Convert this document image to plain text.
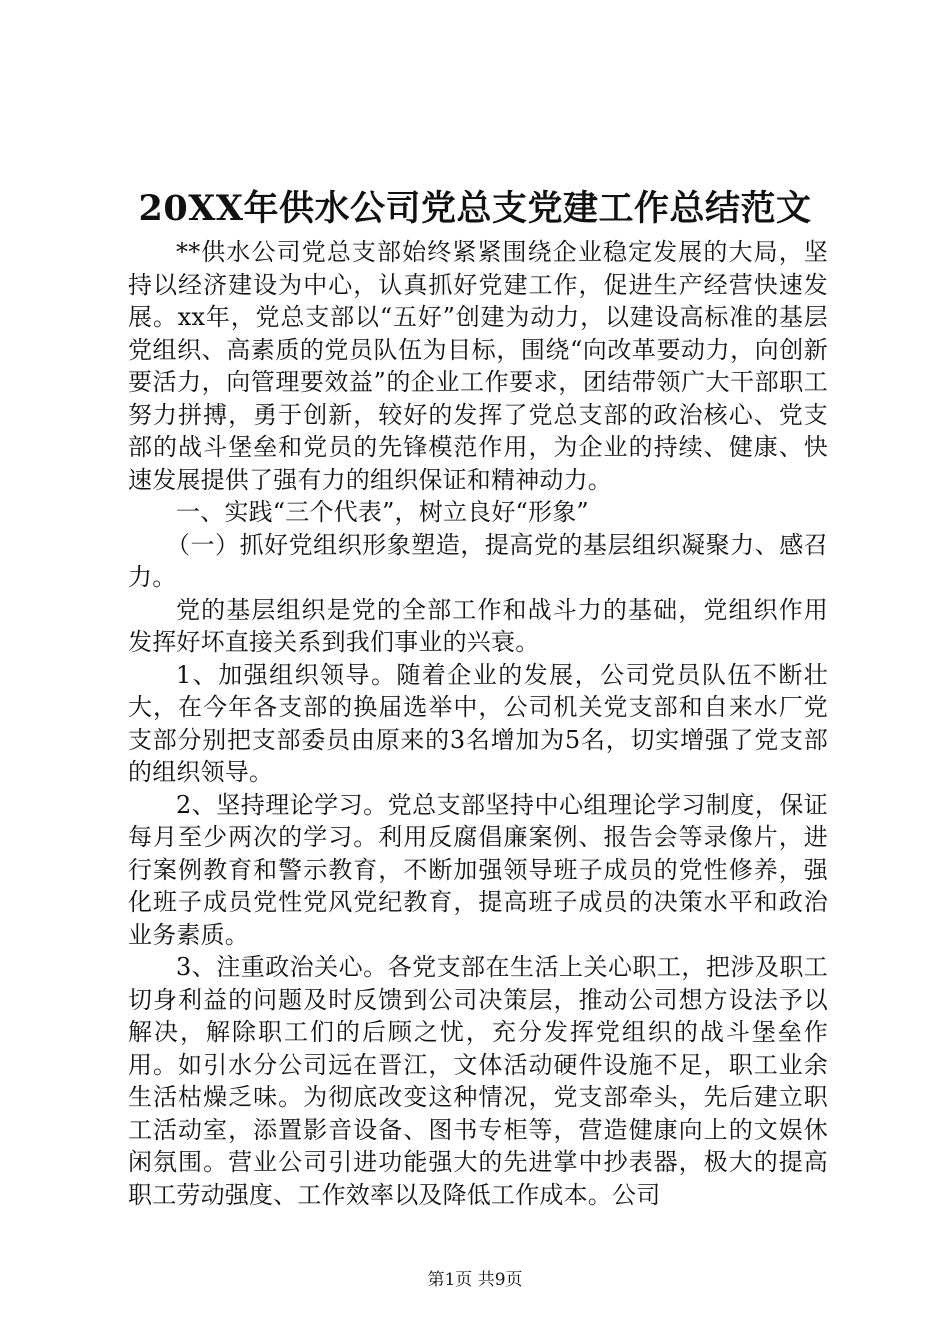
20XX年供水公司党总支党建工作总结范文

**供水公司党总支部始终紧紧围绕企业稳定发展的大局，坚持以经济建设为中心，认真抓好党建工作，促进生产经营快速发展。xx年，党总支部以“五好”创建为动力，以建设高标准的基层党组织、高素质的党员队伍为目标，围绕“向改革要动力，向创新要活力，向管理要效益”的企业工作要求，团结带领广大干部职工努力拼搏，勇于创新，较好的发挥了党总支部的政治核心、党支部的战斗堡垒和党员的先锋模范作用，为企业的持续、健康、快速发展提供了强有力的组织保证和精神动力。

一、实践“三个代表”，树立良好“形象”

（一）抓好党组织形象塑造，提高党的基层组织凝聚力、感召力。

党的基层组织是党的全部工作和战斗力的基础，党组织作用发挥好坏直接关系到我们事业的兴衰。

1、加强组织领导。随着企业的发展，公司党员队伍不断壮大，在今年各支部的换届选举中，公司机关党支部和自来水厂党支部分别把支部委员由原来的3名增加为5名，切实增强了党支部的组织领导。

2、坚持理论学习。党总支部坚持中心组理论学习制度，保证每月至少两次的学习。利用反腐倡廉案例、报告会等录像片，进行案例教育和警示教育，不断加强领导班子成员的党性修养，强化班子成员党性党风党纪教育，提高班子成员的决策水平和政治业务素质。

3、注重政治关心。各党支部在生活上关心职工，把涉及职工切身利益的问题及时反馈到公司决策层，推动公司想方设法予以解决，解除职工们的后顾之忧，充分发挥党组织的战斗堡垒作用。如引水分公司远在晋江，文体活动硬件设施不足，职工业余生活枯燥乏味。为彻底改变这种情况，党支部牵头，先后建立职工活动室，添置影音设备、图书专柜等，营造健康向上的文娱休闲氛围。营业公司引进功能强大的先进掌中抄表器，极大的提高职工劳动强度、工作效率以及降低工作成本。公司

第1页 共9页
